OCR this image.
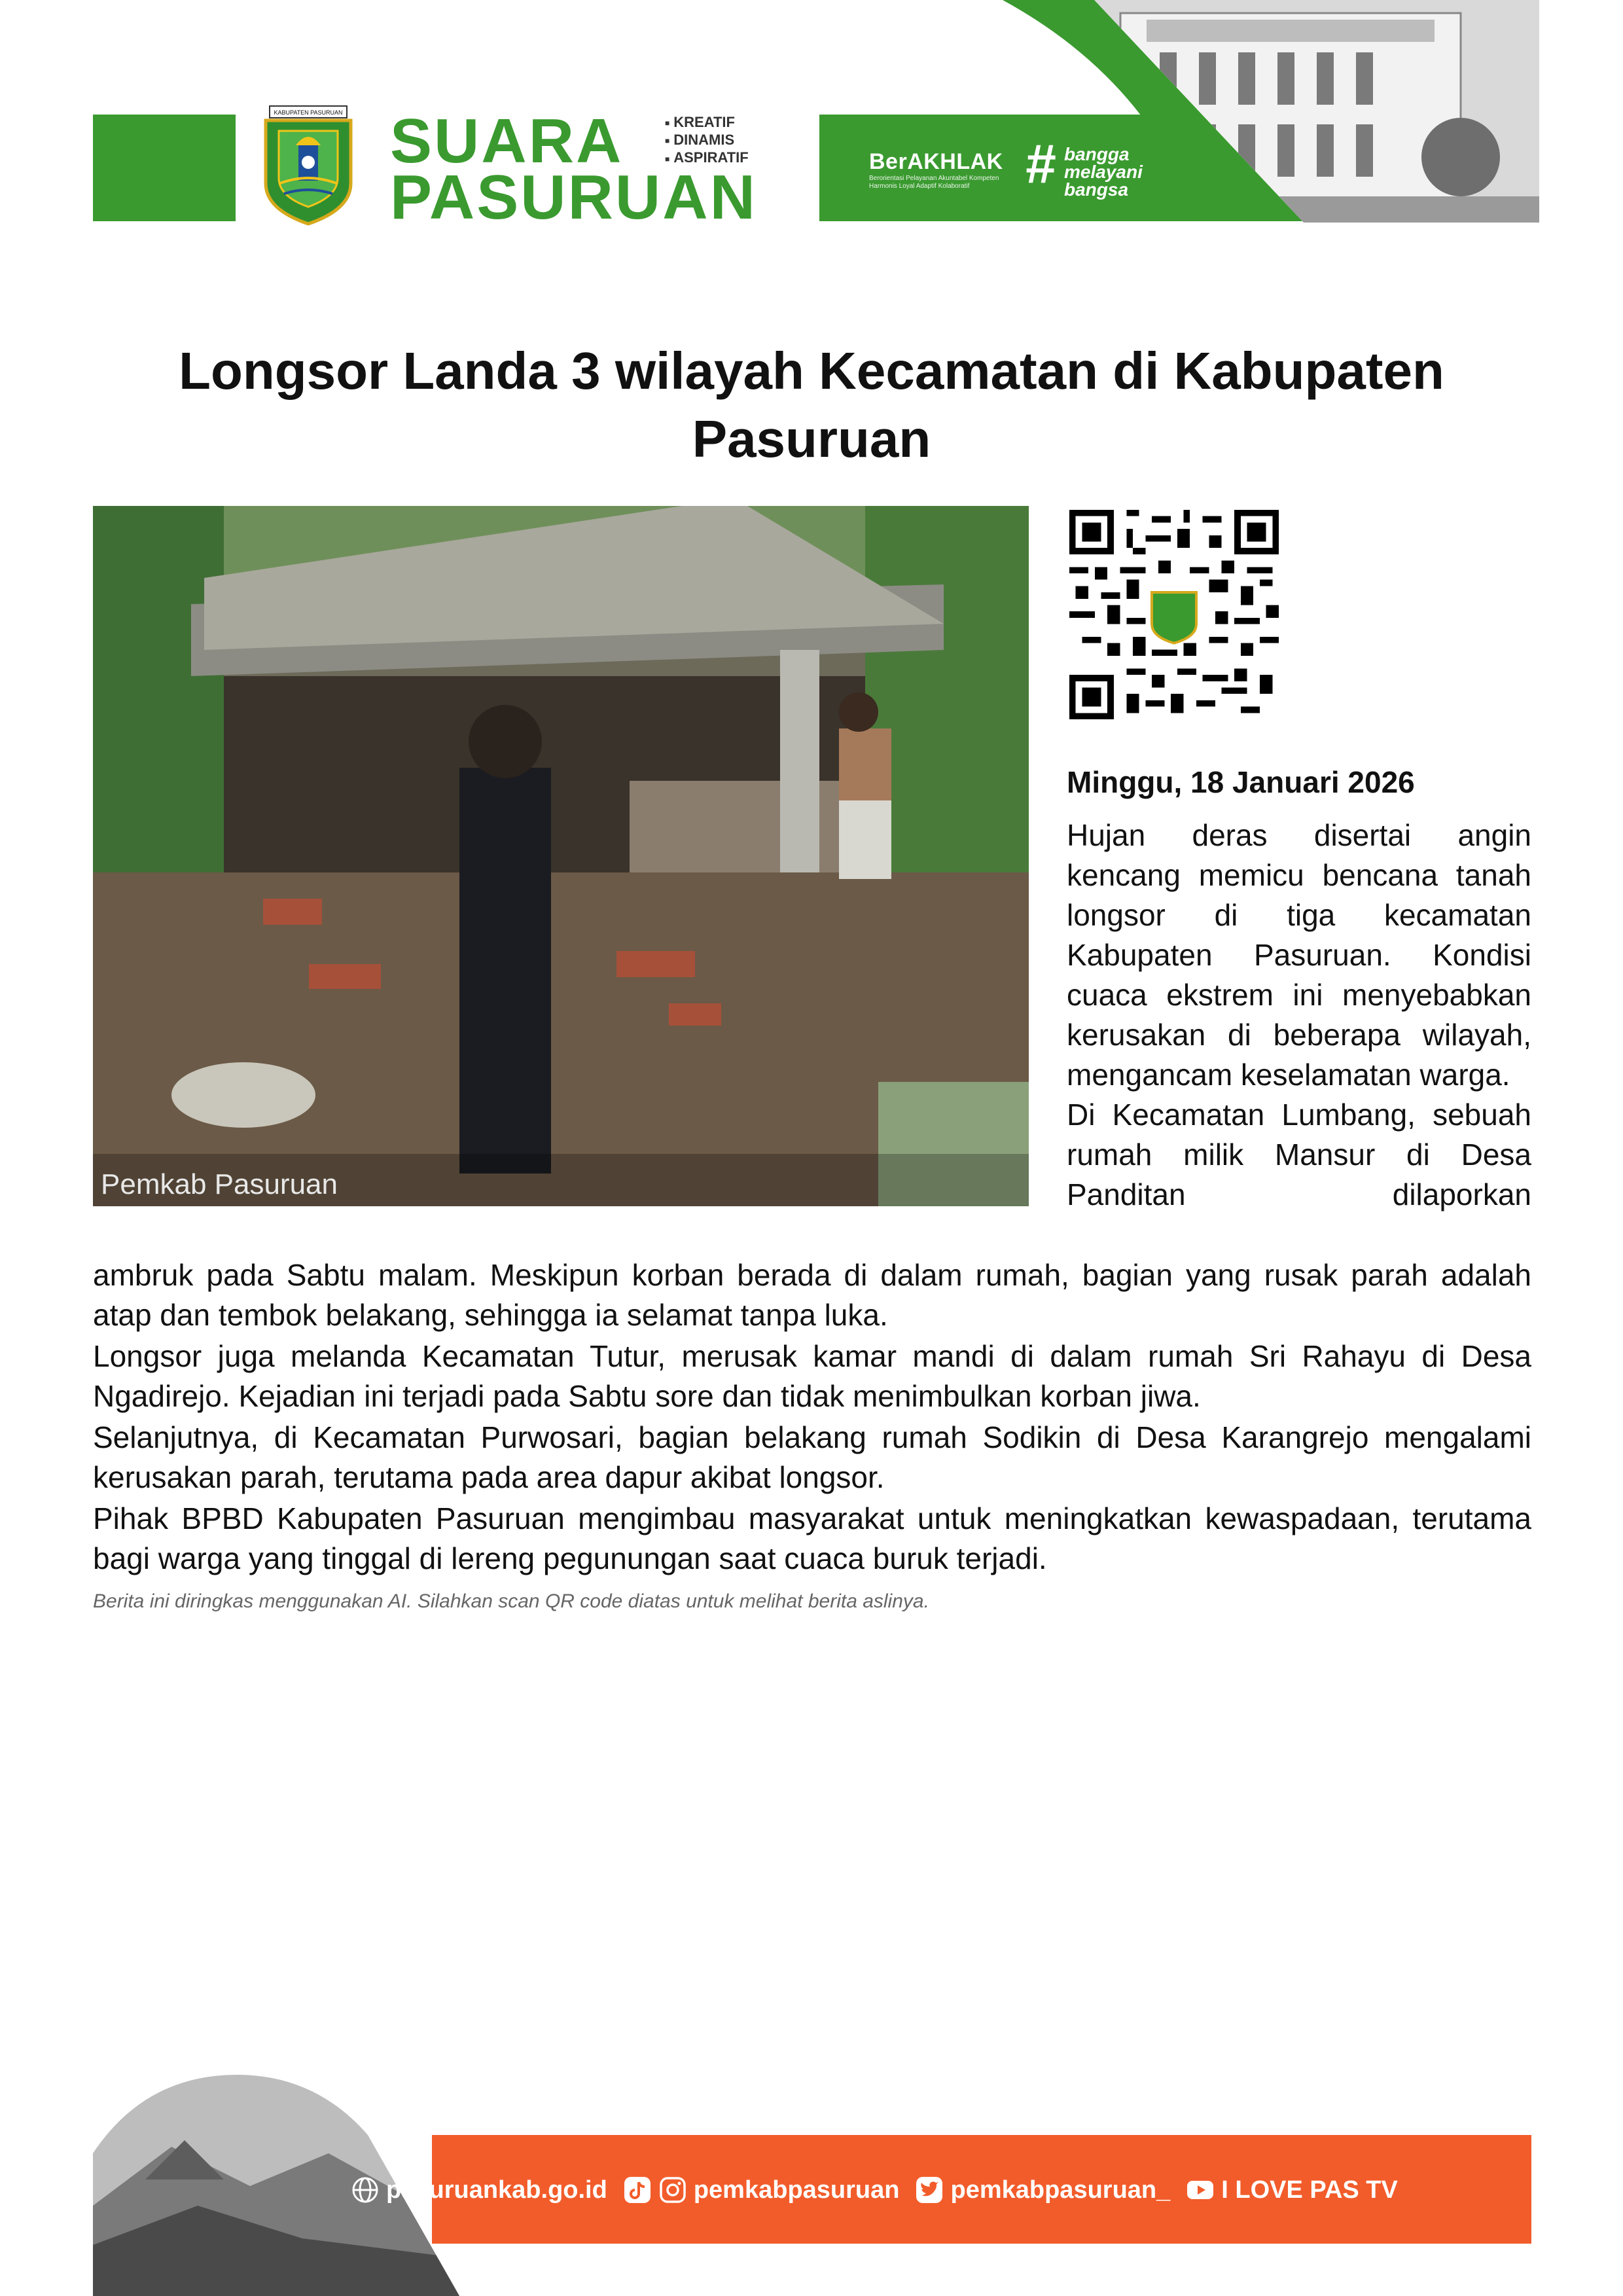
KABUPATEN PASURUAN SUARA
PASURUAN
■ KREATIF
■ DINAMIS
■ ASPIRATIF	BerAKHLAK
Berorientasi Pelayanan Akuntabel Kompeten Harmonis Loyal Adaptif Kolaboratif	# bangga
melayani
bangsa
Longsor Landa 3 wilayah Kecamatan di Kabupaten Pasuruan
Pemkab Pasuruan
Minggu, 18 Januari 2026

Hujan deras disertai angin kencang memicu bencana tanah longsor di tiga kecamatan Kabupaten Pasuruan. Kondisi cuaca ekstrem ini menyebabkan kerusakan di beberapa wilayah, mengancam keselamatan warga.

Di Kecamatan Lumbang, sebuah rumah milik Mansur di Desa Panditan dilaporkan

ambruk pada Sabtu malam. Meskipun korban berada di dalam rumah, bagian yang rusak parah adalah atap dan tembok belakang, sehingga ia selamat tanpa luka.

Longsor juga melanda Kecamatan Tutur, merusak kamar mandi di dalam rumah Sri Rahayu di Desa Ngadirejo. Kejadian ini terjadi pada Sabtu sore dan tidak menimbulkan korban jiwa.

Selanjutnya, di Kecamatan Purwosari, bagian belakang rumah Sodikin di Desa Karangrejo mengalami kerusakan parah, terutama pada area dapur akibat longsor.

Pihak BPBD Kabupaten Pasuruan mengimbau masyarakat untuk meningkatkan kewaspadaan, terutama bagi warga yang tinggal di lereng pegunungan saat cuaca buruk terjadi.

Berita ini diringkas menggunakan AI. Silahkan scan QR code diatas untuk melihat berita aslinya.
pasuruankab.go.id	pemkabpasuruan pemkabpasuruan_ I LOVE PAS TV
